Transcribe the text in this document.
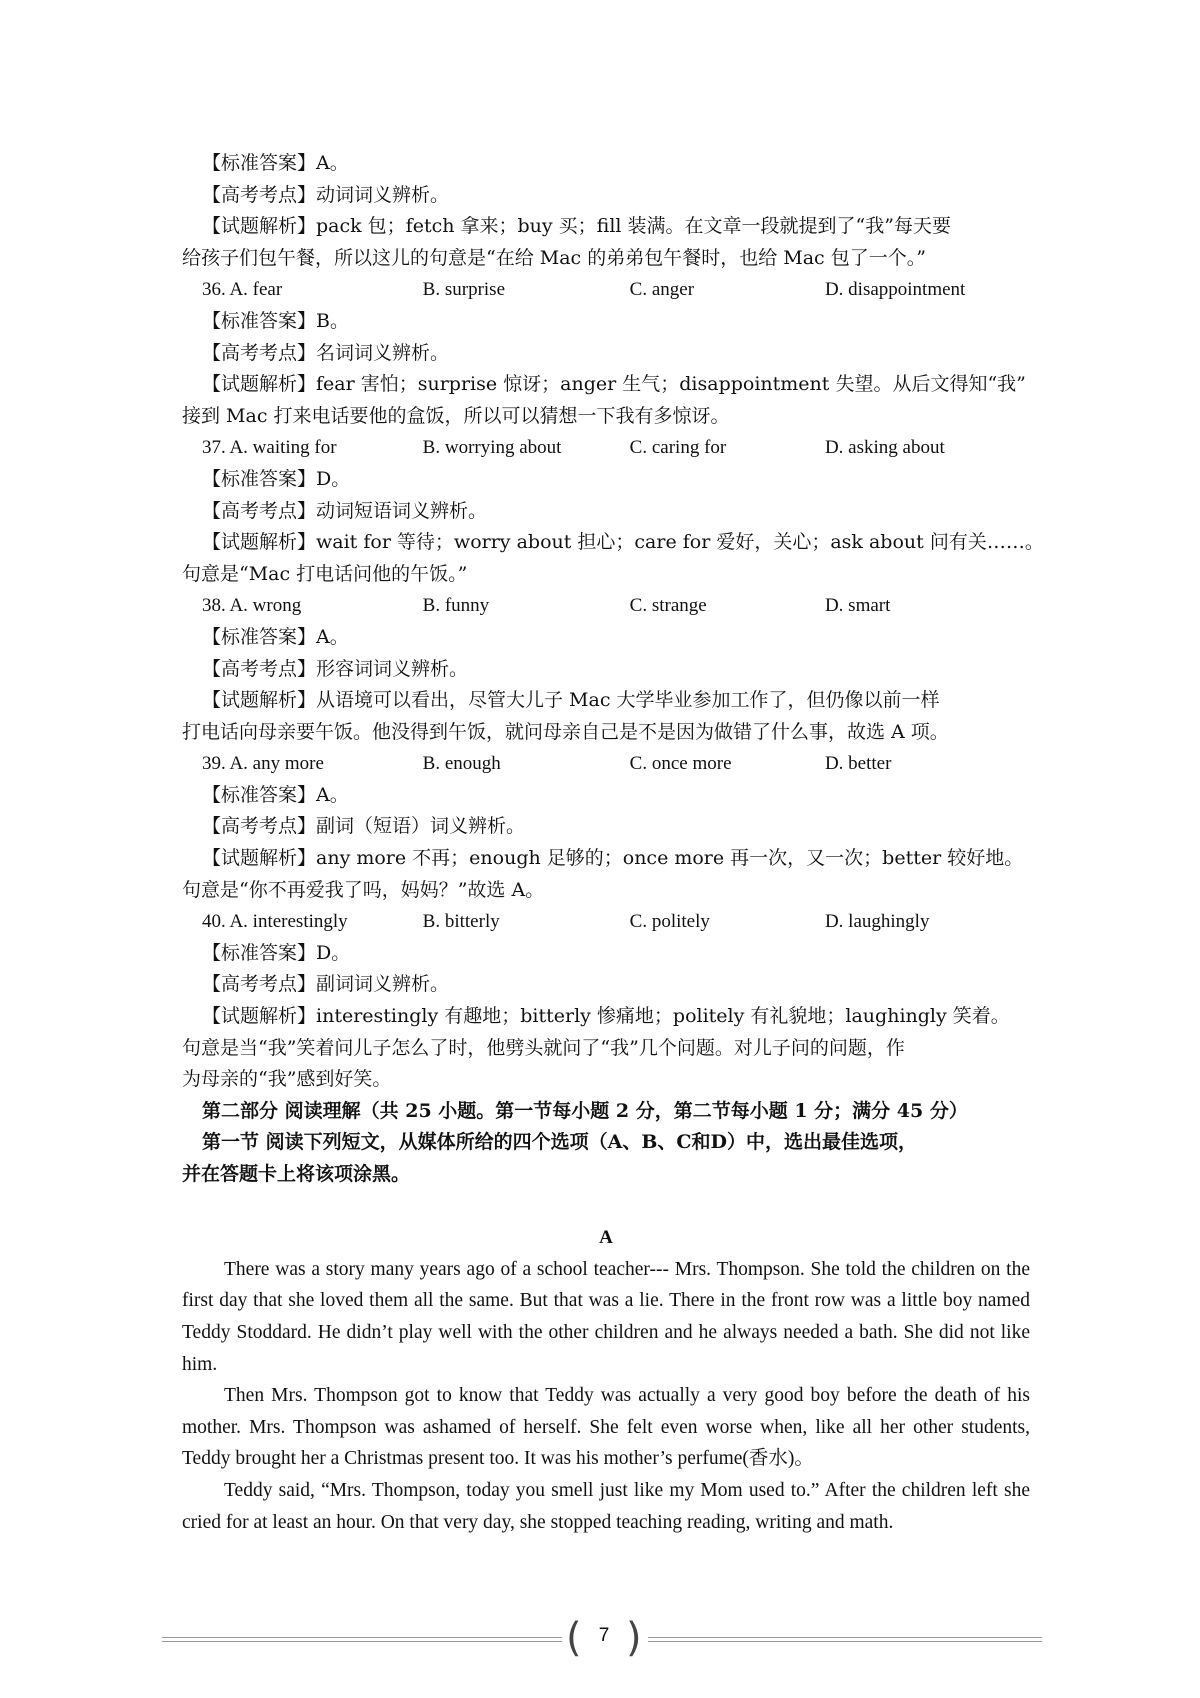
【标准答案】A。
【高考考点】动词词义辨析。
【试题解析】pack 包；fetch 拿来；buy 买；fill 装满。在文章一段就提到了“我”每天要
给孩子们包午餐，所以这儿的句意是“在给 Mac 的弟弟包午餐时，也给 Mac 包了一个。”
36. A. fear	B. surprise	C. anger	D. disappointment
【标准答案】B。
【高考考点】名词词义辨析。
【试题解析】fear 害怕；surprise 惊讶；anger 生气；disappointment 失望。从后文得知“我”
接到 Mac 打来电话要他的盒饭，所以可以猜想一下我有多惊讶。
37. A. waiting for	B. worrying about	C. caring for	D. asking about
【标准答案】D。
【高考考点】动词短语词义辨析。
【试题解析】wait for 等待；worry about 担心；care for 爱好，关心；ask about 问有关……。
句意是“Mac 打电话问他的午饭。”
38. A. wrong	B. funny	C. strange	D. smart
【标准答案】A。
【高考考点】形容词词义辨析。
【试题解析】从语境可以看出，尽管大儿子 Mac 大学毕业参加工作了，但仍像以前一样
打电话向母亲要午饭。他没得到午饭，就问母亲自己是不是因为做错了什么事，故选 A 项。
39. A. any more	B. enough	C. once more	D. better
【标准答案】A。
【高考考点】副词（短语）词义辨析。
【试题解析】any more 不再；enough 足够的；once more 再一次，又一次；better 较好地。
句意是“你不再爱我了吗，妈妈？”故选 A。
40. A. interestingly	B. bitterly	C. politely	D. laughingly
【标准答案】D。
【高考考点】副词词义辨析。
【试题解析】interestingly 有趣地；bitterly 惨痛地；politely 有礼貌地；laughingly 笑着。
句意是当“我”笑着问儿子怎么了时，他劈头就问了“我”几个问题。对儿子问的问题，作
为母亲的“我”感到好笑。
第二部分 阅读理解（共 25 小题。第一节每小题 2 分，第二节每小题 1 分；满分 45 分）
第一节 阅读下列短文，从媒体所给的四个选项（A、B、C和D）中，选出最佳选项，
并在答题卡上将该项涂黑。
A

There was a story many years ago of a school teacher--- Mrs. Thompson. She told the children on the first day that she loved them all the same. But that was a lie. There in the front row was a little boy named Teddy Stoddard. He didn’t play well with the other children and he always needed a bath. She did not like him.

Then Mrs. Thompson got to know that Teddy was actually a very good boy before the death of his mother. Mrs. Thompson was ashamed of herself. She felt even worse when, like all her other students, Teddy brought her a Christmas present too. It was his mother’s perfume(香水)。

Teddy said, “Mrs. Thompson, today you smell just like my Mom used to.” After the children left she cried for at least an hour. On that very day, she stopped teaching reading, writing and math.

( 7 )
